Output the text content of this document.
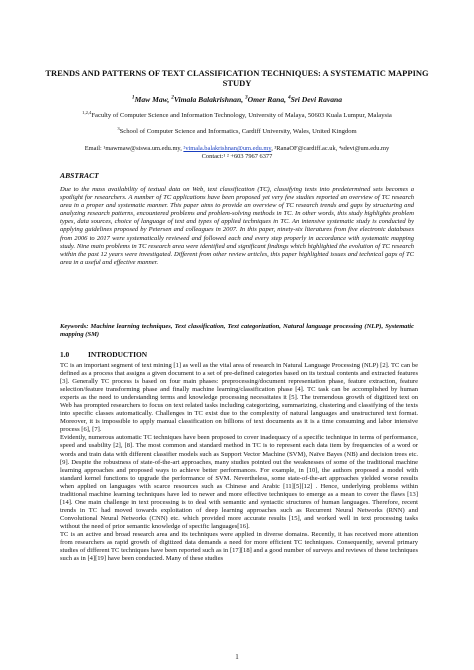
TRENDS AND PATTERNS OF TEXT CLASSIFICATION TECHNIQUES: A SYSTEMATIC MAPPING STUDY

$^1$Maw Maw, $^2$Vimala Balakrishnan, $^3$Omer Rana, $^4$Sri Devi Ravana

$^{1,2,4}$Faculty of Computer Science and Information Technology, University of Malaya, 50603 Kuala Lumpur, Malaysia

$^3$School of Computer Science and Informatics, Cardiff University, Wales, United Kingdom

Email: ¹mawmaw@siswa.um.edu.my, ²vimala.balakrishnan@um.edu.my, ³RanaOF@cardiff.ac.uk, ⁴sdevi@um.edu.my
Contact:¹ ² +603 7967 6377

ABSTRACT

Due to the mass availability of textual data on Web, text classification (TC), classifying texts into predetermined sets becomes a spotlight for researchers. A number of TC applications have been proposed yet very few studies reported an overview of TC research area in a proper and systematic manner. This paper aims to provide an overview of TC research trends and gaps by structuring and analyzing research patterns, encountered problems and problem-solving methods in TC. In other words, this study highlights problem types, data sources, choice of language of text and types of applied techniques in TC. An intensive systematic study is conducted by applying guidelines proposed by Petersen and colleagues in 2007. In this paper, ninety-six literatures from five electronic databases from 2006 to 2017 were systematically reviewed and followed each and every step properly in accordance with systematic mapping study. Nine main problems in TC research area were identified and significant findings which highlighted the evolution of TC research within the past 12 years were investigated. Different from other review articles, this paper highlighted issues and technical gaps of TC area in a useful and effective manner.

Keywords: Machine learning techniques, Text classification, Text categorization, Natural language processing (NLP), Systematic mapping (SM)

1.0	INTRODUCTION

TC is an important segment of text mining [1] as well as the vital area of research in Natural Language Processing (NLP) [2]. TC can be defined as a process that assigns a given document to a set of pre-defined categories based on its textual contents and extracted features [3]. Generally TC process is based on four main phases: preprocessing/document representation phase, feature extraction, feature selection/feature transforming phase and finally machine learning/classification phase [4]. TC task can be accomplished by human experts as the need to understanding terms and knowledge processing necessitates it [5]. The tremendous growth of digitized text on Web has prompted researchers to focus on text related tasks including categorizing, summarizing, clustering and classifying of the texts into specific classes automatically. Challenges in TC exist due to the complexity of natural languages and unstructured text format. Moreover, it is impossible to apply manual classification on billions of text documents as it is a time consuming and labor intensive process [6], [7].

Evidently, numerous automatic TC techniques have been proposed to cover inadequacy of a specific technique in terms of performance, speed and usability [2], [8]. The most common and standard method in TC is to represent each data item by frequencies of a word or words and train data with different classifier models such as Support Vector Machine (SVM), Naïve Bayes (NB) and decision trees etc. [9]. Despite the robustness of state-of-the-art approaches, many studies pointed out the weaknesses of some of the traditional machine learning approaches and proposed ways to achieve better performances. For example, in [10], the authors proposed a model with standard kernel functions to upgrade the performance of SVM. Nevertheless, some state-of-the-art approaches yielded worse results when applied on languages with scarce resources such as Chinese and Arabic [11][5][12] . Hence, underlying problems within traditional machine learning techniques have led to newer and more effective techniques to emerge as a mean to cover the flaws [13][14]. One main challenge in text processing is to deal with semantic and syntactic structures of human languages. Therefore, recent trends in TC had moved towards exploitation of deep learning approaches such as Recurrent Neural Networks (RNN) and Convolutional Neural Networks (CNN) etc. which provided more accurate results [15], and worked well in text processing tasks without the need of prior semantic knowledge of specific languages[16].

TC is an active and broad research area and its techniques were applied in diverse domains. Recently, it has received more attention from researchers as rapid growth of digitized data demands a need for more efficient TC techniques. Consequently, several primary studies of different TC techniques have been reported such as in [17][18] and a good number of surveys and reviews of these techniques such as in [4][19] have been conducted. Many of these studies

1
